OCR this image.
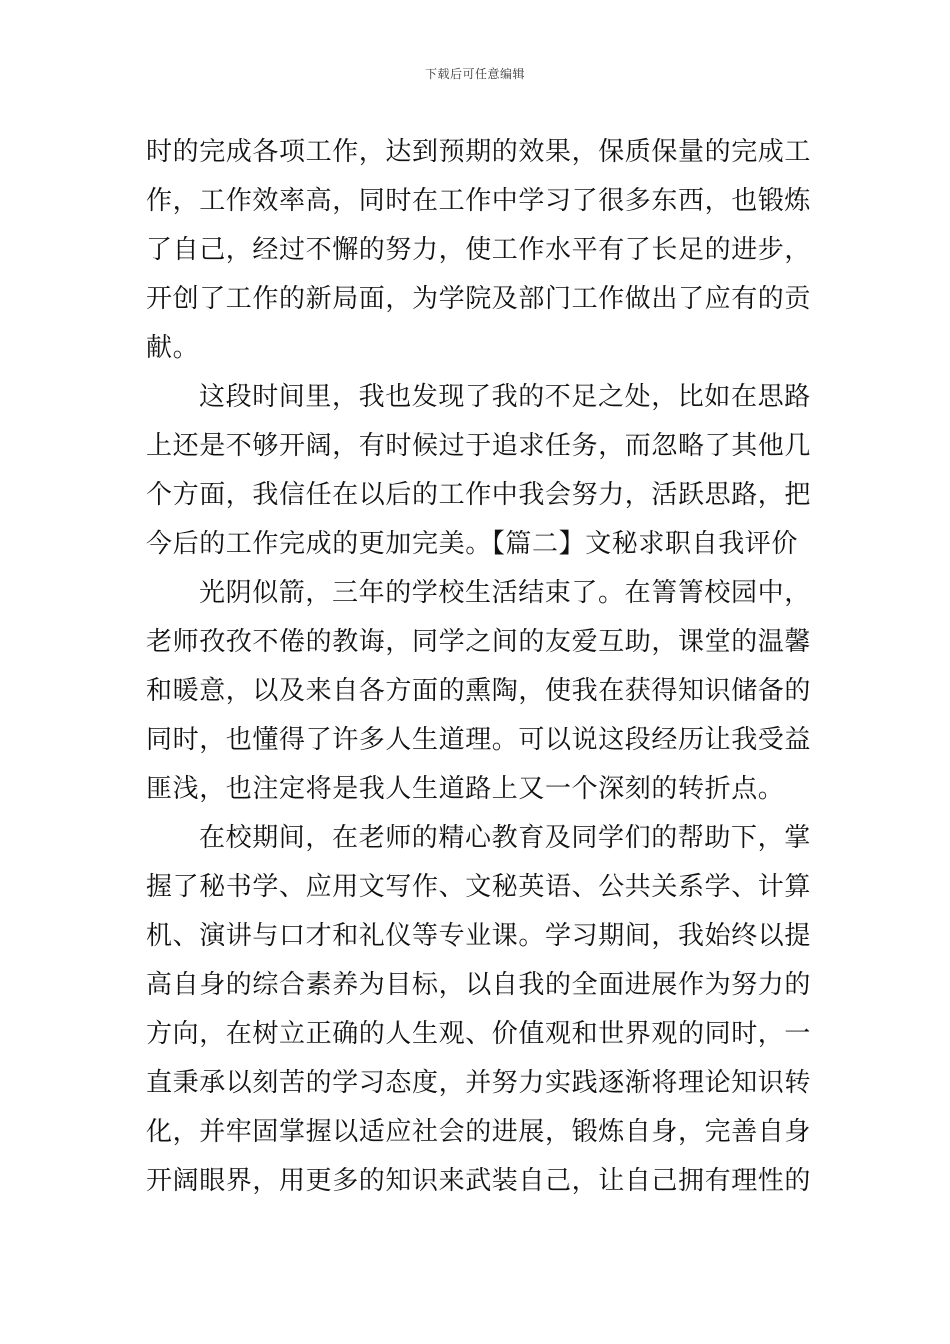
下载后可任意编辑
时的完成各项工作，达到预期的效果，保质保量的完成工
作，工作效率高，同时在工作中学习了很多东西，也锻炼
了自己，经过不懈的努力，使工作水平有了长足的进步，
开创了工作的新局面，为学院及部门工作做出了应有的贡
献。
这段时间里，我也发现了我的不足之处，比如在思路
上还是不够开阔，有时候过于追求任务，而忽略了其他几
个方面，我信任在以后的工作中我会努力，活跃思路，把
今后的工作完成的更加完美。【篇二】文秘求职自我评价
光阴似箭，三年的学校生活结束了。在箐箐校园中，
老师孜孜不倦的教诲，同学之间的友爱互助，课堂的温馨
和暖意，以及来自各方面的熏陶，使我在获得知识储备的
同时，也懂得了许多人生道理。可以说这段经历让我受益
匪浅，也注定将是我人生道路上又一个深刻的转折点。
在校期间，在老师的精心教育及同学们的帮助下，掌
握了秘书学、应用文写作、文秘英语、公共关系学、计算
机、演讲与口才和礼仪等专业课。学习期间，我始终以提
高自身的综合素养为目标，以自我的全面进展作为努力的
方向，在树立正确的人生观、价值观和世界观的同时，一
直秉承以刻苦的学习态度，并努力实践逐渐将理论知识转
化，并牢固掌握以适应社会的进展，锻炼自身，完善自身
开阔眼界，用更多的知识来武装自己，让自己拥有理性的
